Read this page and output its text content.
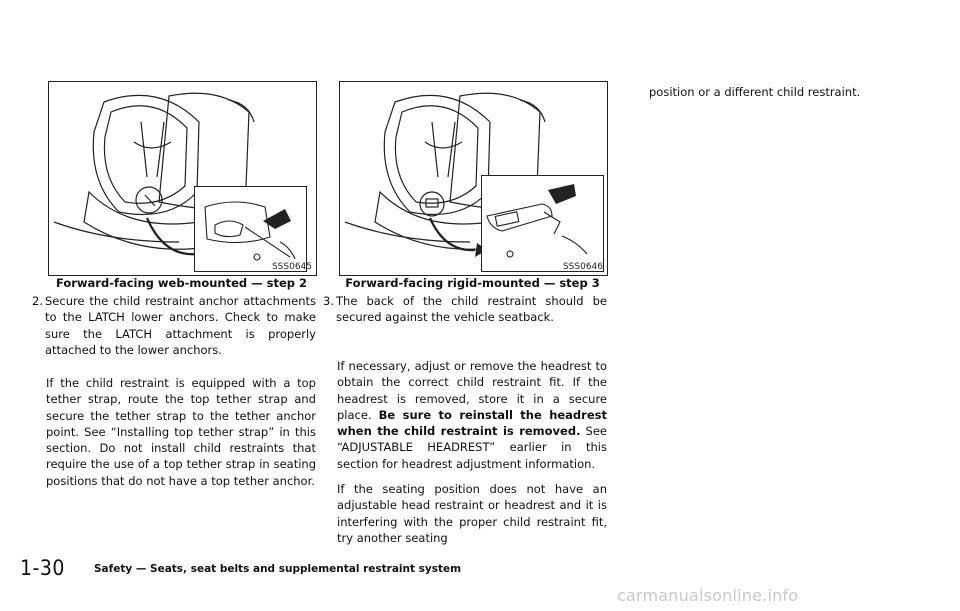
SSS0645
Forward-facing web-mounted — step 2
2. Secure the child restraint anchor attachments to the LATCH lower anchors. Check to make sure the LATCH attachment is properly attached to the lower anchors.
If the child restraint is equipped with a top tether strap, route the top tether strap and secure the tether strap to the tether anchor point. See “Installing top tether strap” in this section. Do not install child restraints that require the use of a top tether strap in seating positions that do not have a top tether anchor.
SSS0646
Forward-facing rigid-mounted — step 3
3. The back of the child restraint should be secured against the vehicle seatback.
If necessary, adjust or remove the headrest to obtain the correct child restraint fit. If the headrest is removed, store it in a secure place. Be sure to reinstall the headrest when the child restraint is removed. See “ADJUSTABLE HEADREST” earlier in this section for headrest adjustment information.
If the seating position does not have an adjustable head restraint or headrest and it is interfering with the proper child restraint fit, try another seating
position or a different child restraint.
1-30	Safety — Seats, seat belts and supplemental restraint system
carmanualsonline.info
